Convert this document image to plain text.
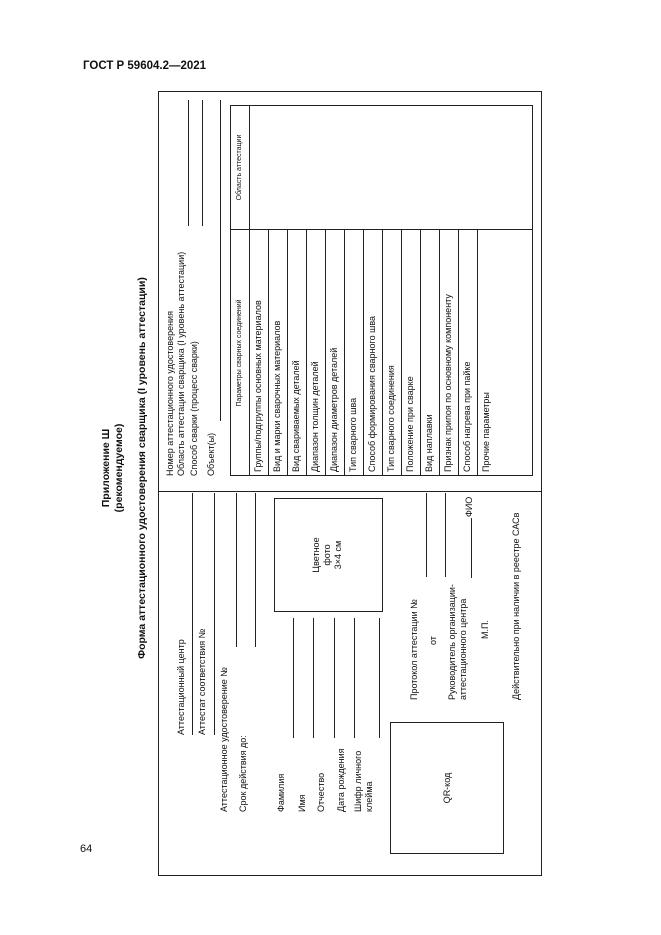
ГОСТ Р 59604.2—2021
64
Приложение Ш (рекомендуемое) Форма аттестационного удостоверения сварщика (I уровень аттестации)
Аттестационный центр Аттестат соответствия № Аттестационное удостоверение № Срок действия до:
Цветное фото 3×4 см
Фамилия Имя Отчество Дата рождения Шифр личного клейма	QR-код
Протокол аттестации № от Руководитель организации- аттестационного центра
ФИО
М.П. Действительно при наличии в реестре САСв
Номер аттестационного удостоверения Область аттестации сварщика (I уровень аттестации) Способ сварки (процесс сварки) Объект(ы)
Параметры сварных соединений
Область аттестации
Группы/подгруппы основных материалов Вид и марки сварочных материалов Вид свариваемых деталей Диапазон толщин деталей Диапазон диаметров деталей Тип сварного шва Способ формирования сварного шва Тип сварного соединения Положение при сварке Вид наплавки Признак припоя по основному компоненту Способ нагрева при пайке Прочие параметры
